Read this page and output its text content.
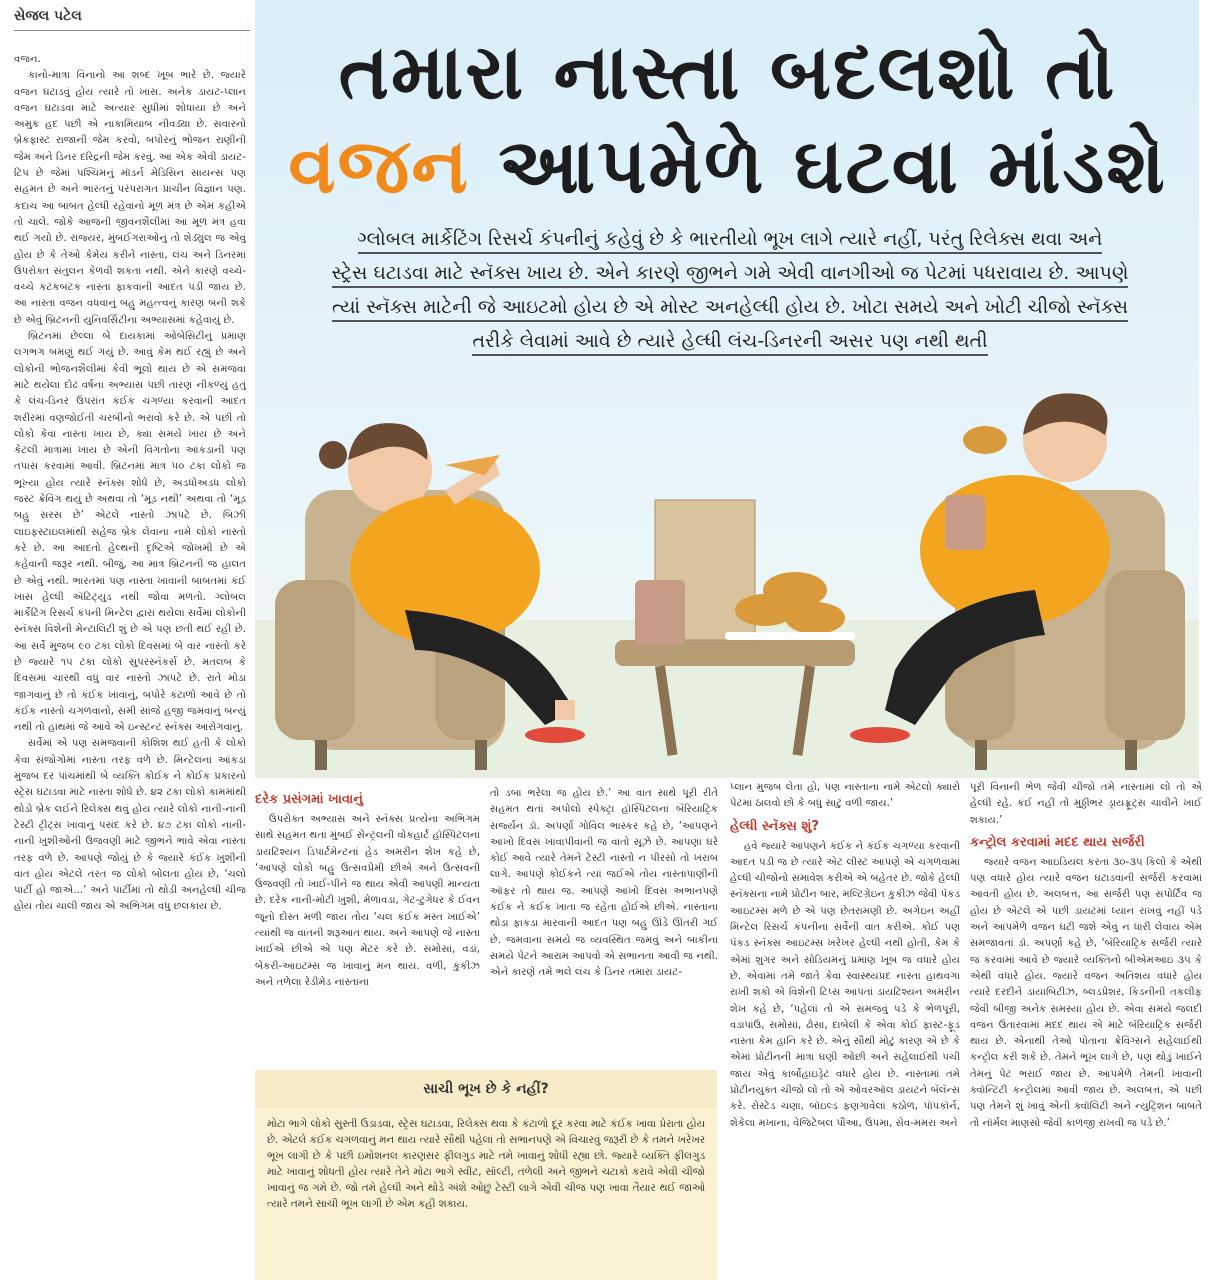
સેજલ પટેલ

વજન.

કાનો-માત્રા વિનાનો આ શબ્દ ખૂબ ભારે છે. જ્યારે વજન ઘટાડવું હોય ત્યારે તો ખાસ. અનેક ડાયટ-પ્લાન વજન ઘટાડવા માટે અત્યાર સુધીમાં શોધાયા છે અને અમુક હદ પછી એ નાકામિયાબ નીવડ્યા છે. સવારનો બ્રેકફાસ્ટ રાજાની જેમ કરવો, બપોરનું ભોજન રાણીની જેમ અને ડિનર દરિદ્રની જેમ કરવું. આ એક એવી ડાયટ-ટિપ છે જેમાં પશ્ચિમનું મૉડર્ન મેડિસિન સાયન્સ પણ સહમત છે અને ભારતનું પરંપરાગત પ્રાચીન વિજ્ઞાન પણ. કદાચ આ બાબત હેલ્ધી રહેવાનો મૂળ મંત્ર છે એમ કહીએ તો ચાલે. જોકે આજની જીવનશૈલીમાં આ મૂળ મંત્ર હવા થઈ ગયો છે. રાજ્યર, મુંબઈગરાઓનું તો શેડ્યુલ જ એવું હોય છે કે તેઓ કેમેય કરીને નાસ્તા, લંચ અને ડિનરમાં ઉપરોક્ત સંતુલન કેળવી શકતા નથી. એને કારણે વચ્ચે-વચ્ચે કટકબટક નાસ્તા ફાકવાની આદત પડી જાય છે. આ નાસ્તા વજન વધવાનું બહુ મહત્ત્વનું કારણ બની શકે છે એવું બ્રિટનની યુનિવર્સિટીના અભ્યાસમાં કહેવાયું છે.

બ્રિટનમાં છેલ્લા બે દાયકામાં ઓબેસિટીનું પ્રમાણ લગભગ બમણું થઈ ગયું છે. આવું કેમ થઈ રહ્યું છે અને લોકોની ભોજનશૈલીમાં કેવી ભૂલો થાય છે એ સમજવા માટે થયેલા દોઢ વર્ષના અભ્યાસ પછી તારણ નીકળ્યું હતું કે લંચ-ડિનર ઉપરાંત કંઈક ચગળ્યા કરવાની આદત શરીરમાં વણજોઈતી ચરબીનો ભરાવો કરે છે. એ પછી તો લોકો કેવા નાસ્તા ખાય છે, ક્યા સમયે ખાય છે અને કેટલી માત્રામાં ખાય છે એની વિગતોના આંકડાની પણ તપાસ કરવામાં આવી. બ્રિટનમાં માત્ર ૫૦ ટકા લોકો જ ભૂખ્યા હોય ત્યારે સ્નૅક્સ શોધે છે, અડધોઅડધ લોકો જસ્ટ ક્રેવિંગ થયું છે અથવા તો ‘મૂડ નથી’ અથવા તો ‘મૂડ બહુ સરસ છે’ એટલે નાસ્તો ઝાપટે છે. બિઝી લાઇફસ્ટાઇલમાંથી સહેજ બ્રેક લેવાના નામે લોકો નાસ્તો કરે છે. આ આદતો હેલ્થની દૃષ્ટિએ જોખમી છે એ કહેવાની જરૂર નથી. બીજું, આ માત્ર બ્રિટનની જ હાલત છે એવું નથી. ભારતમાં પણ નાસ્તા ખાવાની બાબતમાં કંઈ ખાસ હેલ્ધી ઍટિટ્યુડ નથી જોવા મળતો. ગ્લોબલ માર્કેટિંગ રિસર્ચ કંપની મિન્ટેલ દ્વારા થયેલા સર્વેમાં લોકોની સ્નૅક્સ વિશેની મેન્ટાલિટી શું છે એ પણ છતી થઈ રહી છે. આ સર્વે મુજબ ૯૦ ટકા લોકો દિવસમાં બે વાર નાસ્તો કરે છે જ્યારે ૧૫ ટકા લોકો સુપરસ્નૅકર્સ છે. મતલબ કે દિવસમાં ચારથી વધુ વાર નાસ્તો ઝાપટે છે. રાતે મોડા જાગવાનું છે તો કંઈક ખાવાનું, બપોરે કંટાળો આવે છે તો કંઈક નાસ્તો ચગળવાનો, સમી સાંજે હજી જમવાનું બન્યું નથી તો હાથમાં જે આવે એ ઇન્સ્ટન્ટ સ્નૅક્સ આરોગવાનું.

સર્વેમાં એ પણ સમજવાની કોશિશ થઈ હતી કે લોકો કેવા સંજોગોમાં નાસ્તા તરફ વળે છે. મિન્ટેલના આંકડા મુજબ દર પાંચમાંથી બે વ્યક્તિ કોઈક ને કોઈક પ્રકારનો સ્ટ્રેસ ઘટાડવા માટે નાસ્તા શોધે છે. ૪૨ ટકા લોકો કામમાંથી થોડો બ્રેક લઈને રિલેક્સ થવું હોય ત્યારે લોકો નાની-નાની ટેસ્ટી ટ્રીટ્સ ખાવાનું પસંદ કરે છે. ૪૭ ટકા લોકો નાની-નાની ખુશીઓની ઉજવણી માટે જીભને ભાવે એવા નાસ્તા તરફ વળે છે. આપણે જોયું છે કે જ્યારે કંઈક ખુશીની વાત હોય એટલે તરત જ લોકો બોલતા હોય છે, ‘ચલો પાર્ટી હો જાએ...’ અને પાર્ટીમાં તો થોડી અનહેલ્ધી ચીજ હોય તોય ચાલી જાય એ અભિગમ વધુ છલકાય છે.

તમારા નાસ્તા બદલશો તો
વજન આપમેળે ઘટવા માંડશે
ગ્લોબલ માર્કેટિંગ રિસર્ચ કંપનીનું કહેવું છે કે ભારતીયો ભૂખ લાગે ત્યારે નહીં, પરંતુ રિલેક્સ થવા અને
સ્ટ્રેસ ઘટાડવા માટે સ્નૅક્સ ખાય છે. એને કારણે જીભને ગમે એવી વાનગીઓ જ પેટમાં પધરાવાય છે. આપણે
ત્યાં સ્નૅક્સ માટેની જે આઇટમો હોય છે એ મોસ્ટ અનહેલ્ધી હોય છે. ખોટા સમયે અને ખોટી ચીજો સ્નૅક્સ
તરીકે લેવામાં આવે છે ત્યારે હેલ્ધી લંચ-ડિનરની અસર પણ નથી થતી
દરેક પ્રસંગમાં ખાવાનું

ઉપરોક્ત અભ્યાસ અને સ્નૅક્સ પ્રત્યેના અભિગમ સાથે સહમત થતાં મુંબઈ સેન્ટ્રલની વોકહાર્ટ હૉસ્પિટલનાં ડાયટિશ્યન ડિપાર્ટમેન્ટનાં હેડ અમરીન શેખ કહે છે, ‘આપણે લોકો બહુ ઉત્સવપ્રેમી છીએ અને ઉત્સવની ઉજવણી તો ખાઈ-પીને જ થાય એવી આપણી માન્યતા છે. દરેક નાની-મોટી ખુશી, મેળાવડા, ગેટ-ટુગેધર કે ઈવન જૂનો દોસ્ત મળી જાય તોય ‘ચલ કંઈક મસ્ત ખાઈએ’ ત્યાંથી જ વાતની શરૂઆત થાય. અને આપણે જે નાસ્તા ખાઈએ છીએ એ પણ મેટર કરે છે. સમોસાં, વડાં, બેકરી-આઇટમ્સ જ ખાવાનું મન થાય. વળી, કુકીઝ અને તળેલા રેડીમેડ નાસ્તાના

તો ડબા ભરેલા જ હોય છે.’ આ વાત સાથે પૂરી રીતે સહમત થતાં અપોલો સ્પેક્ટ્રા હૉસ્પિટલનાં બૅરિયાટ્રિક સર્જ્યન ડૉ. અપર્ણા ગોવિલ ભાસ્કર કહે છે, ‘આપણને આખો દિવસ ખાવાપીવાની જ વાતો સૂઝે છે. આપણા ઘરે કોઈ આવે ત્યારે તેમને ટેસ્ટી નાસ્તો ન પીરસો તો ખરાબ લાગે. આપણે કોઈકને ત્યાં જઈએ તોય નાસ્તાપાણીની ઑફર તો થાય જ. આપણે આખો દિવસ અભાનપણે કંઈક ને કંઈક ખાતા જ રહેતા હોઈએ છીએ. નાસ્તાના થોડા ફાકડા મારવાની આદત પણ બહુ ઊંડે ઊતરી ગઈ છે. જમવાના સમયે જ વ્યવસ્થિત જમવું અને બાકીના સમયે પેટને આરામ આપવો એ સભાનતા આવી જ નથી. એને કારણે તમે ભલે લંચ કે ડિનર તમારા ડાયટ-

પ્લાન મુજબ લેતા હો, પણ નાસ્તાના નામે એટલો ક્યારો પેટમાં ઠાલવો છો કે બધું સાટું વળી જાય.’

હેલ્ધી સ્નૅક્સ શું?

હવે જ્યારે આપણને કંઈક ને કંઈક ચગળ્યા કરવાની આદત પડી જ છે ત્યારે એટ લીસ્ટ આપણે એ ચગળવામાં હેલ્ધી ચીજોનો સમાવેશ કરીએ એ બહેતર છે. જોકે હેલ્ધી સ્નૅક્સના નામે પ્રોટીન બાર, મલ્ટિગ્રેઇન કુકીઝ જેવી પૅકડ આઇટમ્સ મળે છે એ પણ છેતરામણી છે. અગેઇન અહીં મિન્ટેલ રિસર્ચ કંપનીના સર્વેની વાત કરીએ. કોઈ પણ પૅકડ સ્નૅક્સ આઇટમ્સ ખરેખર હેલ્ધી નથી હોતી, કેમ કે એમાં શુગર અને સોડિયમનું પ્રમાણ ખૂબ જ વધારે હોય છે. એવામાં તમે જાતે કેવા સ્વાસ્થ્યપ્રદ નાસ્તા હાથવગા રાખી શકો એ વિશેની ટિપ્સ આપતાં ડાયટિશ્યન અમરીન શેખ કહે છે, ‘પહેલાં તો એ સમજવું પડે કે ભેળપૂરી, વડાપાંઉ, સમોસાં, ઢોસા, દાબેલી કે એવા કોઈ ફાસ્ટ-ફૂડ નાસ્તા કેમ હાનિ કરે છે. એનું સૌથી મોટું કારણ એ છે કે એમાં પ્રોટીનની માત્રા ઘણી ઓછી અને સહેલાઈથી પચી જાય એવું કાર્બોહાઇડ્રેટ વધારે હોય છે. નાસ્તામાં તમે પ્રોટીનયુક્ત ચીજો લો તો એ ઓવરઑલ ડાયટને બૅલૅન્સ કરે. રોસ્ટેડ ચણા, બૉઇલ્ડ ફણગાવેલાં કઠોળ, પૉપકૉર્ન, શેકેલા મખાના, વેજિટેબલ પૌંઆ, ઉપમા, સેવ-મમરા અને

પૂરી વિનાની ભેળ જેવી ચીજો તમે નાસ્તામાં લો તો એ હેલ્ધી રહે. કંઈ નહીં તો મુઠ્ઠીભર ડ્રાયફ્રૂટ્સ ચાવીને ખાઈ શકાય.’

કન્ટ્રોલ કરવામાં મદદ થાય સર્જરી

જ્યારે વજન આઇડિયલ કરતાં ૩૦-૩૫ કિલો કે એથી પણ વધારે હોય ત્યારે વજન ઘટાડવાની સર્જરી કરવામાં આવતી હોય છે. અલબત્ત, આ સર્જરી પણ સપોર્ટિવ જ હોય છે એટલે એ પછી ડાયટમાં ધ્યાન રાખવું નહીં પડે અને આપમેળે વજન ઘટી જશે એવું ન ધારી લેવાય એમ સમજાવતાં ડૉ. અપર્ણા કહે છે, ‘બૅરિયાટ્રિક સર્જરી ત્યારે જ કરવામાં આવે છે જ્યારે વ્યક્તિનો બીએમઆઇ ૩૫ કે એથી વધારે હોય. જ્યારે વજન અતિશય વધારે હોય ત્યારે દરદીને ડાયાબિટીઝ, બ્લડપ્રેશર, કિડનીની તકલીફ જેવી બીજી અનેક સમસ્યા હોય છે. એવા સમયે જલદી વજન ઉતારવામાં મદદ થાય એ માટે બૅરિયાટ્રિક સર્જરી થાય છે. એનાથી તેઓ પોતાના ક્રેવિંગ્સને સહેલાઈથી કન્ટ્રોલ કરી શકે છે. તેમને ભૂખ લાગે છે, પણ થોડું ખાઈને તેમનું પેટ ભરાઈ જાય છે. આપમેળે તેમની ખાવાની ક્વૉન્ટિટી કન્ટ્રોલમાં આવી જાય છે. અલબત્ત, એ પછી પણ તેમને શું ખાવું એની ક્વૉલિટી અને ન્યુટ્રિશન બાબતે તો નૉર્મલ માણસો જેવી કાળજી રાખવી જ પડે છે.’

સાચી ભૂખ છે કે નહીં?
મોટા ભાગે લોકો સુસ્તી ઉડાડવા, સ્ટ્રેસ ઘટાડવા, રિલેક્સ થવા કે કંટાળો દૂર કરવા માટે કંઈક ખાવા પ્રેરાતા હોય છે. એટલે કંઈક ચગળવાનું મન થાય ત્યારે સૌથી પહેલાં તો સભાનપણે એ વિચારવું જરૂરી છે કે તમને ખરેખર ભૂખ લાગી છે કે પછી ઇમોશનલ કારણસર ફીલગુડ માટે તમે ખાવાનું શોધી રહ્યા છો. જ્યારે વ્યક્તિ ફીલગુડ માટે ખાવાનું શોધતી હોય ત્યારે તેને મોટા ભાગે સ્વીટ, સૉલ્ટી, તળેલી અને જીભને ચટાકો કરાવે એવી ચીજો ખાવાનું જ ગમે છે. જો તમે હેલ્ધી અને થોડે અંશે ઓછું ટેસ્ટી લાગે એવી ચીજ પણ ખાવા તૈયાર થઈ જાઓ ત્યારે તમને સાચી ભૂખ લાગી છે એમ કહી શકાય.
